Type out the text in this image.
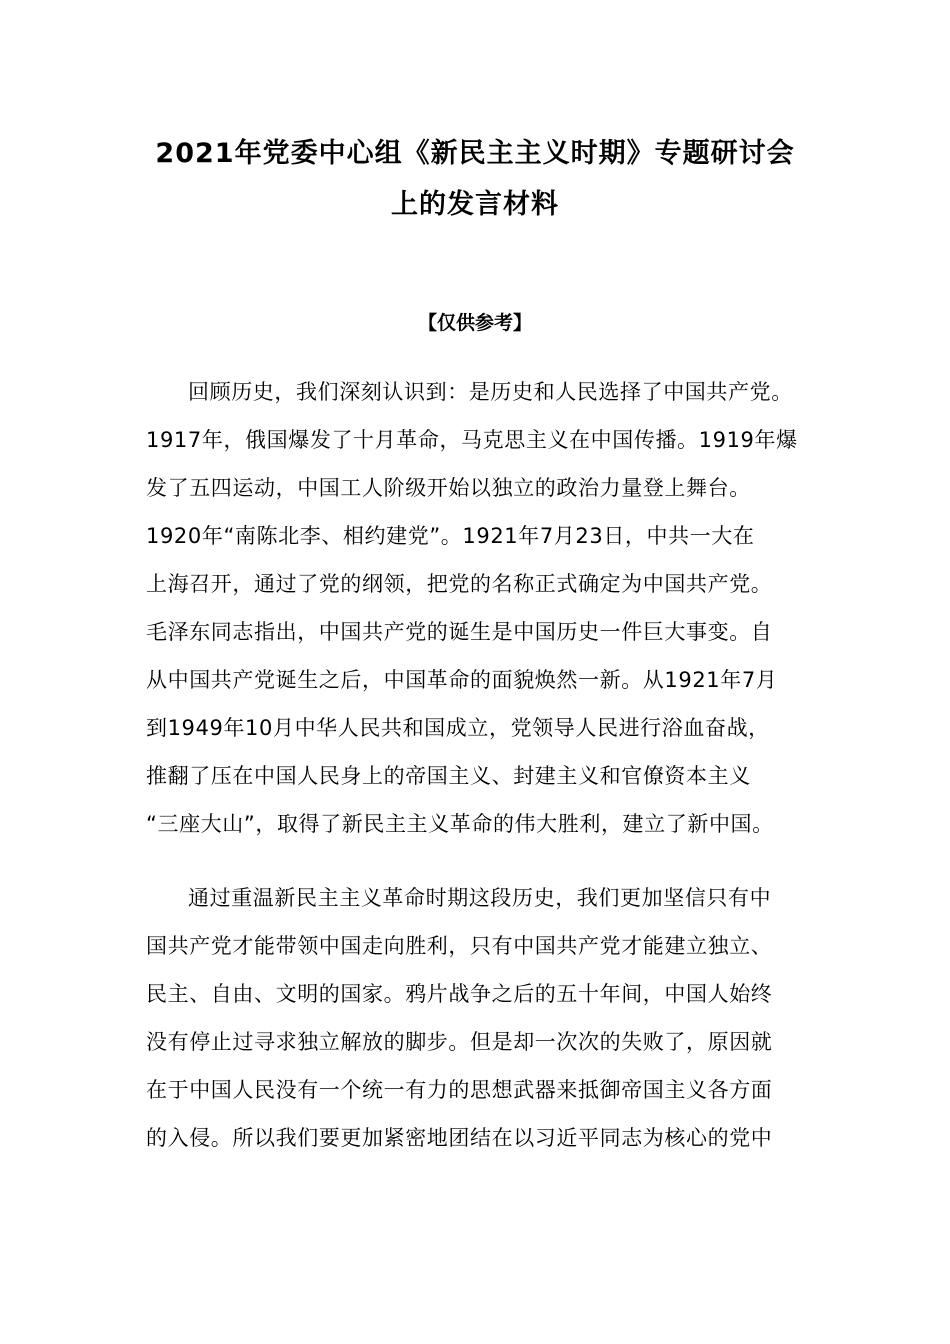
2021年党委中心组《新民主主义时期》专题研讨会
上的发言材料
【仅供参考】
回顾历史，我们深刻认识到：是历史和人民选择了中国共产党。
1917年，俄国爆发了十月革命，马克思主义在中国传播。1919年爆
发了五四运动，中国工人阶级开始以独立的政治力量登上舞台。
1920年“南陈北李、相约建党”。1921年7月23日，中共一大在
上海召开，通过了党的纲领，把党的名称正式确定为中国共产党。
毛泽东同志指出，中国共产党的诞生是中国历史一件巨大事变。自
从中国共产党诞生之后，中国革命的面貌焕然一新。从1921年7月
到1949年10月中华人民共和国成立，党领导人民进行浴血奋战，
推翻了压在中国人民身上的帝国主义、封建主义和官僚资本主义
“三座大山”，取得了新民主主义革命的伟大胜利，建立了新中国。
通过重温新民主主义革命时期这段历史，我们更加坚信只有中
国共产党才能带领中国走向胜利，只有中国共产党才能建立独立、
民主、自由、文明的国家。鸦片战争之后的五十年间，中国人始终
没有停止过寻求独立解放的脚步。但是却一次次的失败了，原因就
在于中国人民没有一个统一有力的思想武器来抵御帝国主义各方面
的入侵。所以我们要更加紧密地团结在以习近平同志为核心的党中
